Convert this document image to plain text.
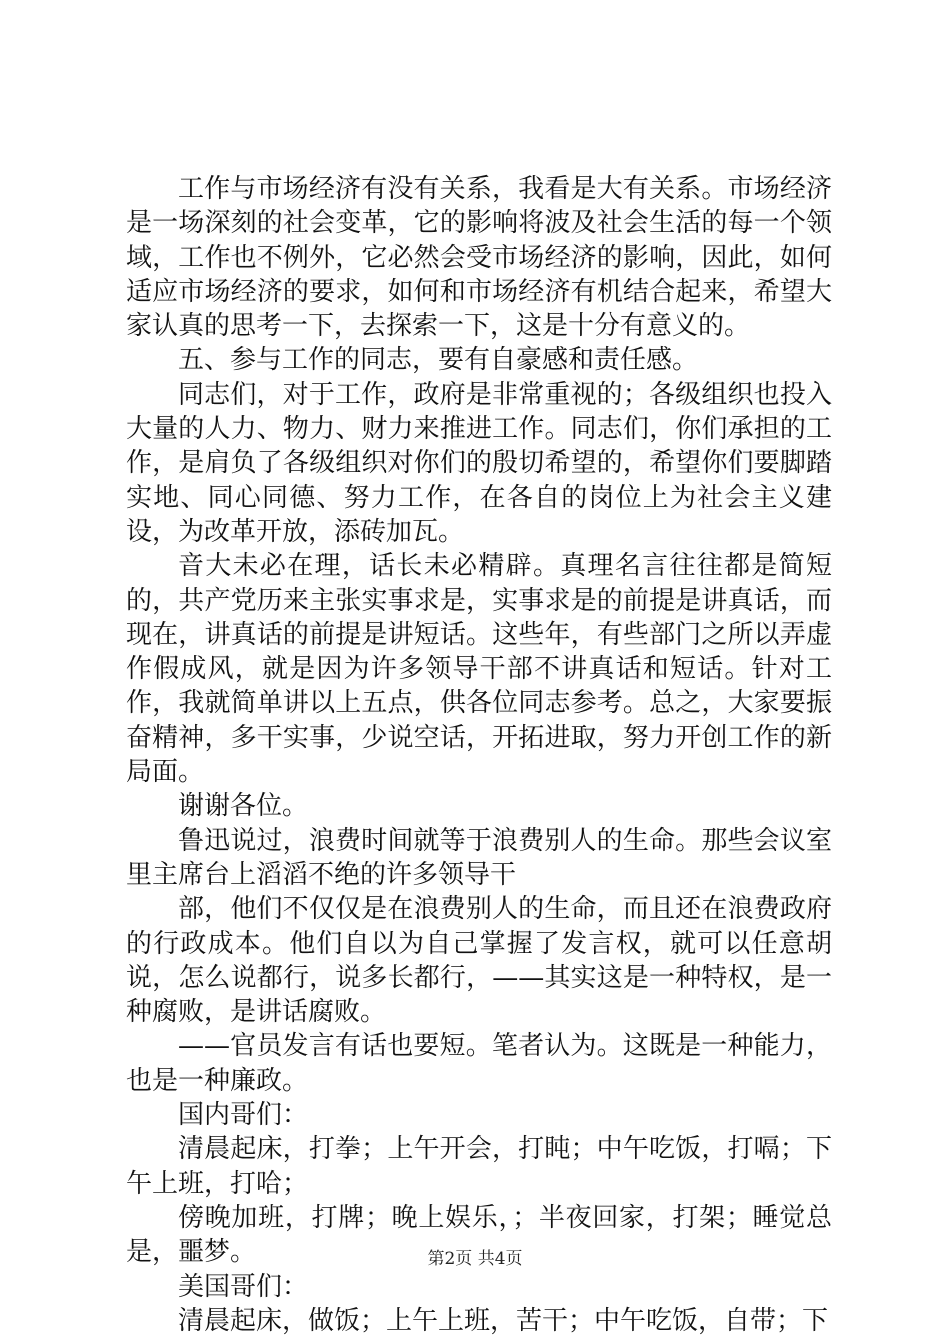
工作与市场经济有没有关系，我看是大有关系。市场经济是一场深刻的社会变革，它的影响将波及社会生活的每一个领域，工作也不例外，它必然会受市场经济的影响，因此，如何适应市场经济的要求，如何和市场经济有机结合起来，希望大家认真的思考一下，去探索一下，这是十分有意义的。

五、参与工作的同志，要有自豪感和责任感。

同志们，对于工作，政府是非常重视的；各级组织也投入大量的人力、物力、财力来推进工作。同志们，你们承担的工作，是肩负了各级组织对你们的殷切希望的，希望你们要脚踏实地、同心同德、努力工作，在各自的岗位上为社会主义建设，为改革开放，添砖加瓦。

音大未必在理，话长未必精辟。真理名言往往都是简短的，共产党历来主张实事求是，实事求是的前提是讲真话，而现在，讲真话的前提是讲短话。这些年，有些部门之所以弄虚作假成风，就是因为许多领导干部不讲真话和短话。针对工作，我就简单讲以上五点，供各位同志参考。总之，大家要振奋精神，多干实事，少说空话，开拓进取，努力开创工作的新局面。

谢谢各位。

鲁迅说过，浪费时间就等于浪费别人的生命。那些会议室里主席台上滔滔不绝的许多领导干

部，他们不仅仅是在浪费别人的生命，而且还在浪费政府的行政成本。他们自以为自己掌握了发言权，就可以任意胡说，怎么说都行，说多长都行，——其实这是一种特权，是一种腐败，是讲话腐败。

——官员发言有话也要短。笔者认为。这既是一种能力，也是一种廉政。

国内哥们：

清晨起床，打拳；上午开会，打盹；中午吃饭，打嗝；下午上班，打哈；

傍晚加班，打牌；晚上娱乐，；半夜回家，打架；睡觉总是，噩梦。

美国哥们：

清晨起床，做饭；上午上班，苦干；中午吃饭，自带；下

第2页 共4页
